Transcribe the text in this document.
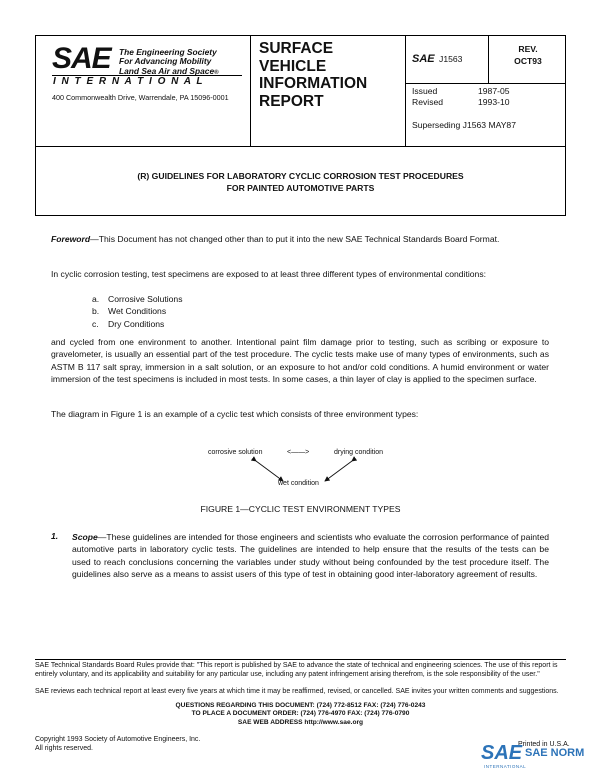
SAE The Engineering Society
For Advancing Mobility
Land Sea Air and Space®
I N T E R N A T I O N A L
400 Commonwealth Drive, Warrendale, PA 15096-0001
SURFACE
VEHICLE
INFORMATION
REPORT
SAE J1563
REV.
OCT93
Issued	1987-05
Revised	1993-10
Superseding J1563 MAY87
(R) GUIDELINES FOR LABORATORY CYCLIC CORROSION TEST PROCEDURES
FOR PAINTED AUTOMOTIVE PARTS
Foreword—This Document has not changed other than to put it into the new SAE Technical Standards Board Format.
In cyclic corrosion testing, test specimens are exposed to at least three different types of environmental conditions:
a. Corrosive Solutions
b. Wet Conditions
c. Dry Conditions
and cycled from one environment to another. Intentional paint film damage prior to testing, such as scribing or exposure to gravelometer, is usually an essential part of the test procedure. The cyclic tests make use of many types of environments, such as ASTM B 117 salt spray, immersion in a salt solution, or an exposure to hot and/or cold conditions. A humid environment or water immersion of the test specimens is included in most tests. In some cases, a thin layer of clay is applied to the specimen surface.
The diagram in Figure 1 is an example of a cyclic test which consists of three environment types:
corrosive solution	<——>	drying condition
wet condition
FIGURE 1—CYCLIC TEST ENVIRONMENT TYPES
1. Scope—These guidelines are intended for those engineers and scientists who evaluate the corrosion performance of painted automotive parts in laboratory cyclic tests. The guidelines are intended to help ensure that the results of the tests can be used to reach conclusions concerning the variables under study without being confounded by the test procedure itself. The guidelines also serve as a means to assist users of this type of test in obtaining good inter-laboratory agreement of results.
SAE Technical Standards Board Rules provide that: "This report is published by SAE to advance the state of technical and engineering sciences. The use of this report is entirely voluntary, and its applicability and suitability for any particular use, including any patent infringement arising therefrom, is the sole responsibility of the user."
SAE reviews each technical report at least every five years at which time it may be reaffirmed, revised, or cancelled. SAE invites your written comments and suggestions.
QUESTIONS REGARDING THIS DOCUMENT: (724) 772-8512 FAX: (724) 776-0243
TO PLACE A DOCUMENT ORDER: (724) 776-4970 FAX: (724) 776-0790
SAE WEB ADDRESS http://www.sae.org
Copyright 1993 Society of Automotive Engineers, Inc.
All rights reserved.
Printed in U.S.A.
SAE SAE NORM
INTERNATIONAL
